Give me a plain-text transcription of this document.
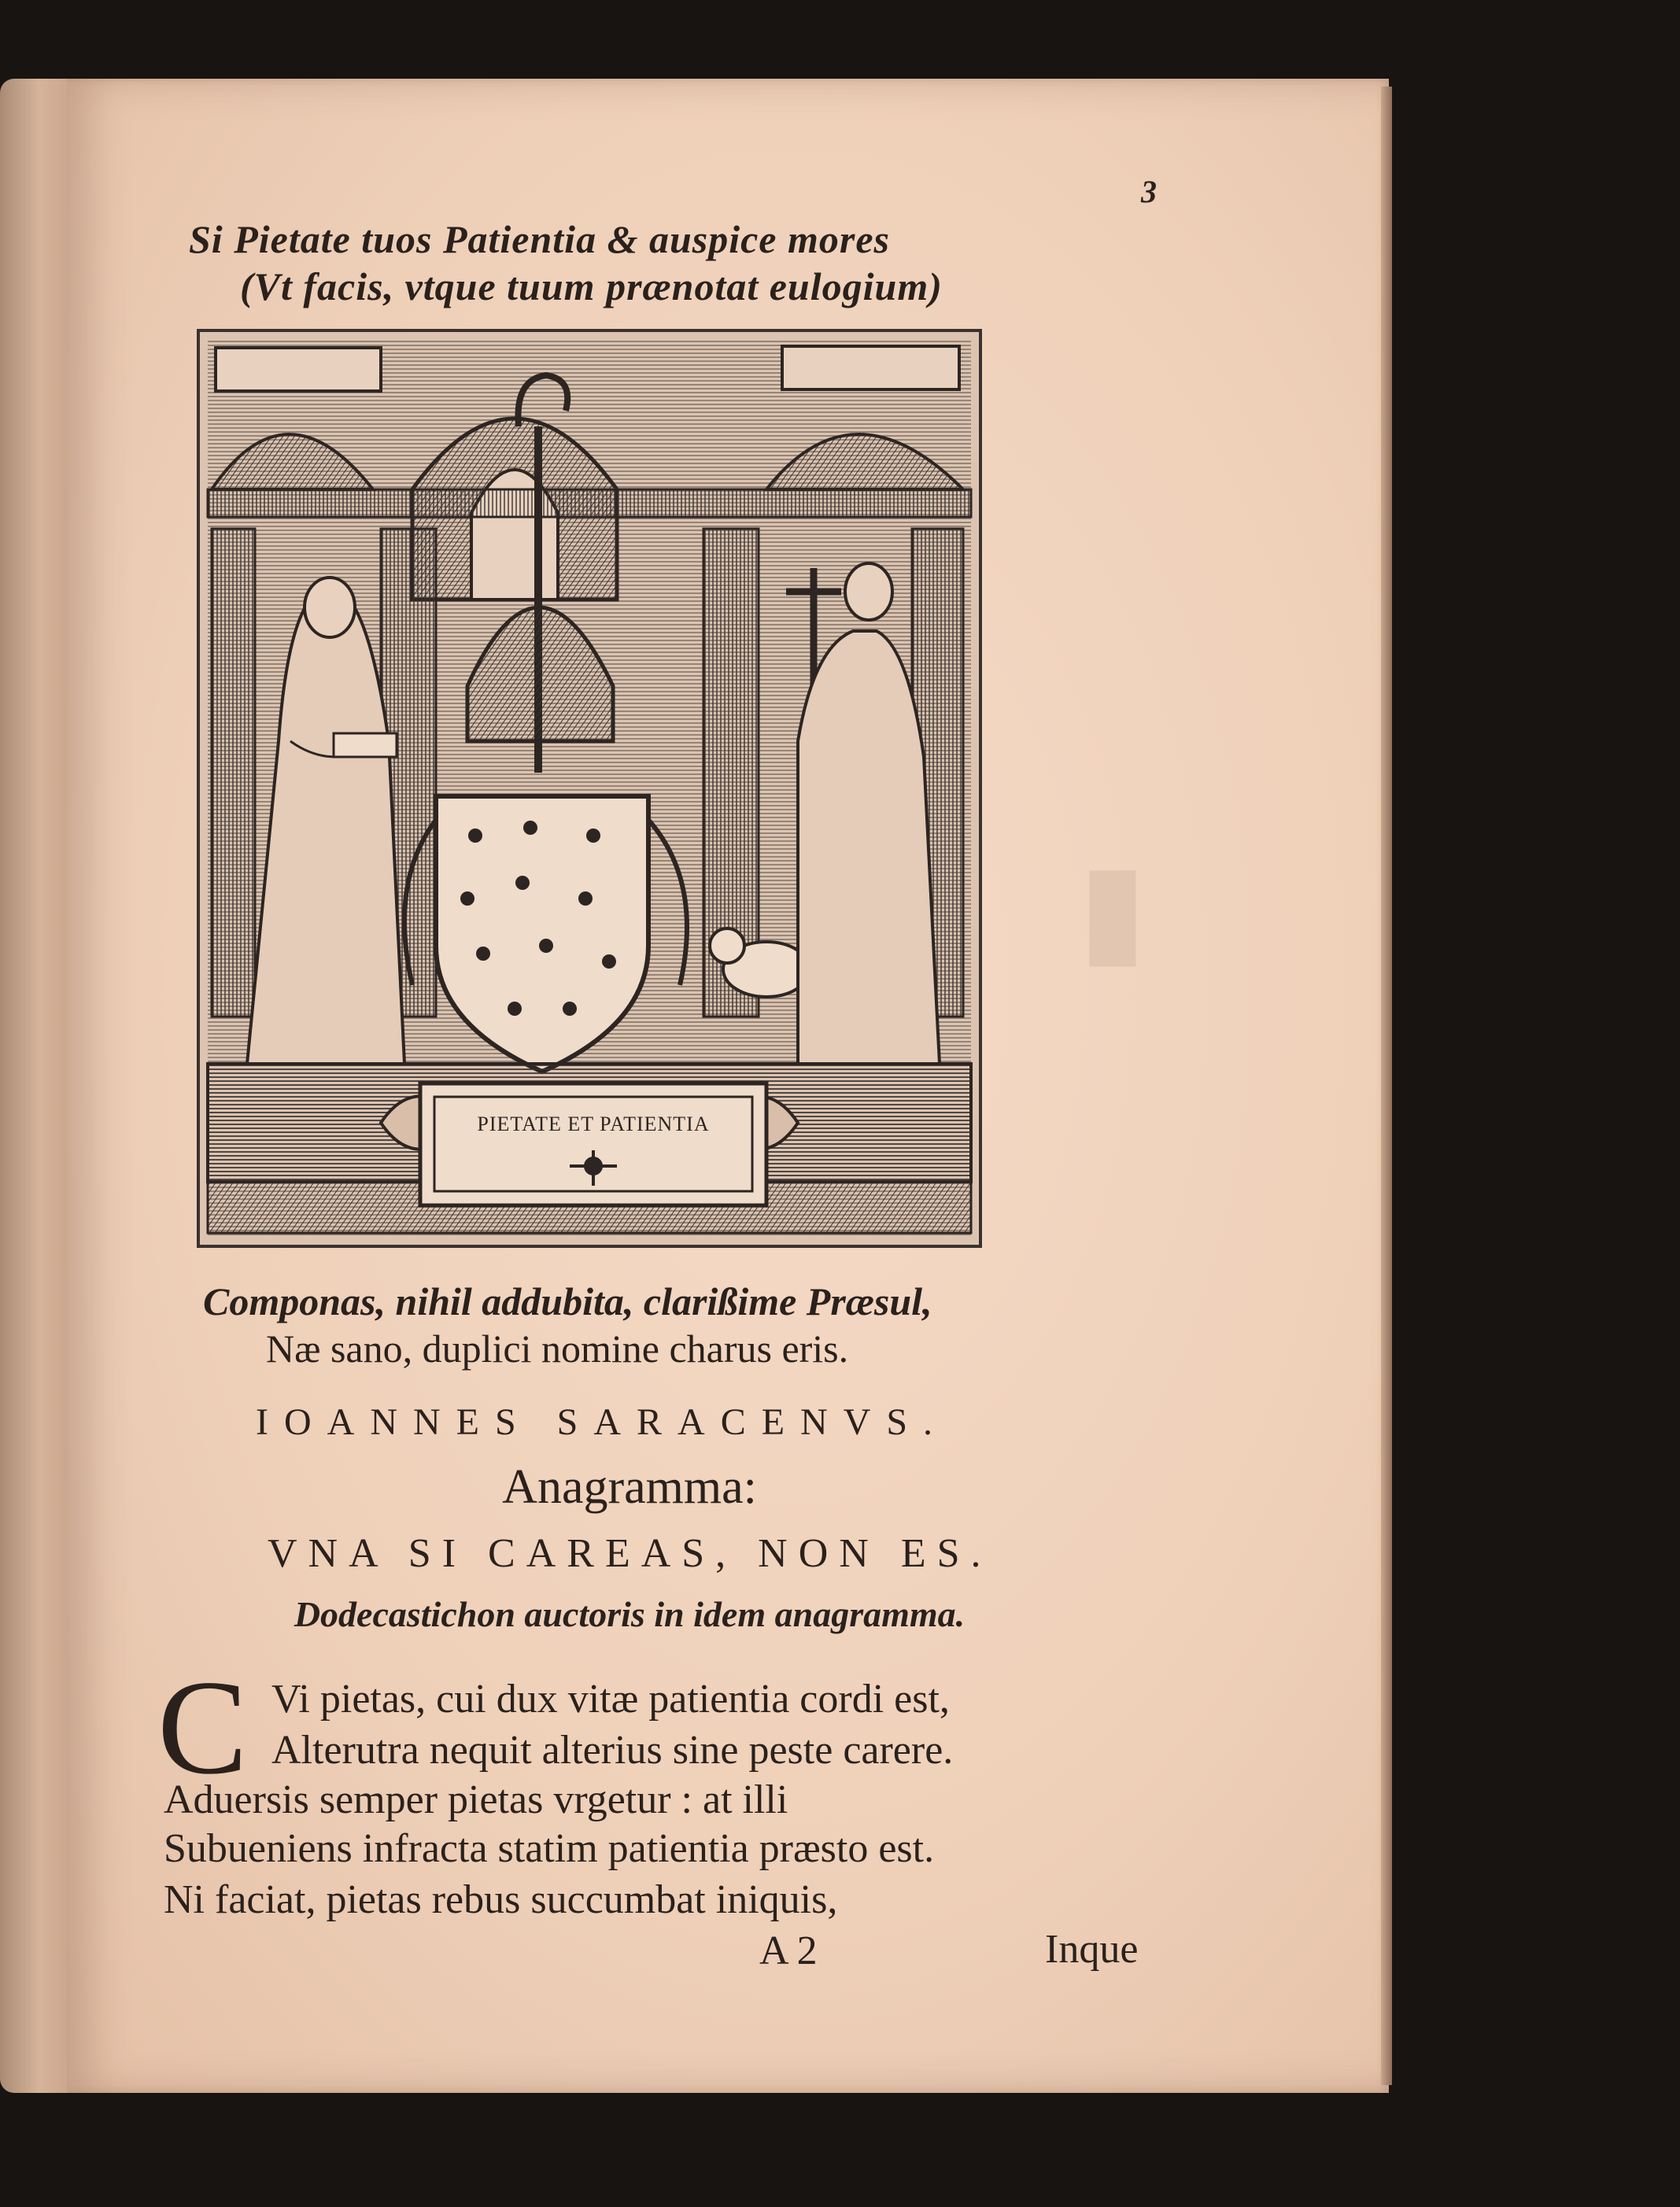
▮
3
Si Pietate tuos Patientia & auspice mores
(Vt facis, vtque tuum prænotat eulogium)
PIETATE ET PATIENTIA
Componas, nihil addubita, clarißime Præsul,
Næ sano, duplici nomine charus eris.
IOANNES SARACENVS.
Anagramma:
VNA SI CAREAS, NON ES.
Dodecastichon auctoris in idem anagramma.
C Vi pietas, cui dux vitæ patientia cordi est,
Alterutra nequit alterius sine peste carere.
Aduersis semper pietas vrgetur : at illi
Subueniens infracta statim patientia præsto est.
Ni faciat, pietas rebus succumbat iniquis,
A 2	Inque
